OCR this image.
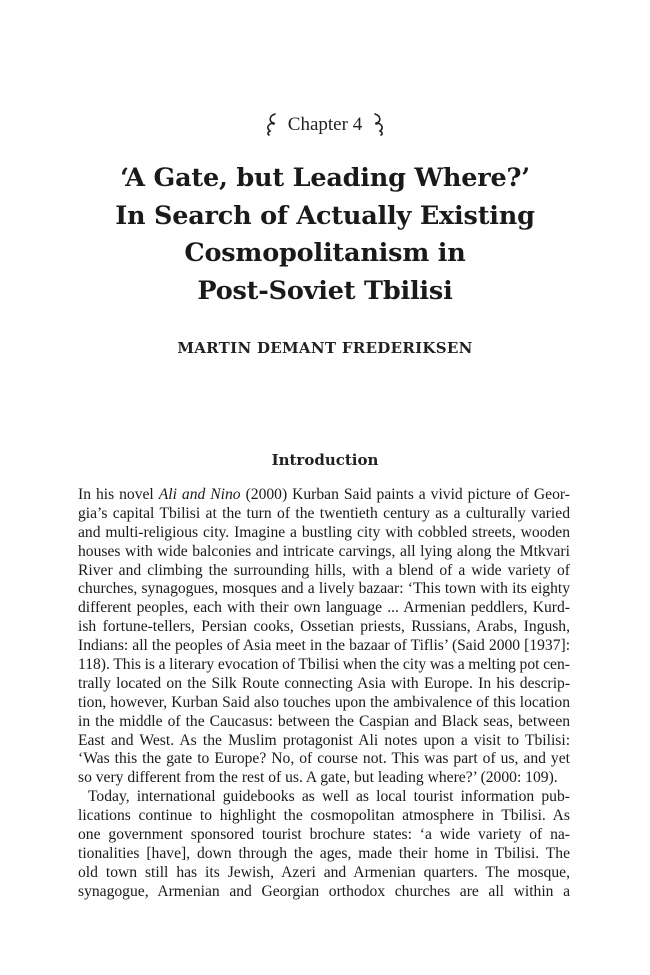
Chapter 4
‘A Gate, but Leading Where?’
In Search of Actually Existing
Cosmopolitanism in
Post-Soviet Tbilisi
MARTIN DEMANT FREDERIKSEN
Introduction
In his novel Ali and Nino (2000) Kurban Said paints a vivid picture of Geor-
gia’s capital Tbilisi at the turn of the twentieth century as a culturally varied
and multi-religious city. Imagine a bustling city with cobbled streets, wooden
houses with wide balconies and intricate carvings, all lying along the Mtkvari
River and climbing the surrounding hills, with a blend of a wide variety of
churches, synagogues, mosques and a lively bazaar: ‘This town with its eighty
different peoples, each with their own language ... Armenian peddlers, Kurd-
ish fortune-tellers, Persian cooks, Ossetian priests, Russians, Arabs, Ingush,
Indians: all the peoples of Asia meet in the bazaar of Tiflis’ (Said 2000 [1937]:
118). This is a literary evocation of Tbilisi when the city was a melting pot cen-
trally located on the Silk Route connecting Asia with Europe. In his descrip-
tion, however, Kurban Said also touches upon the ambivalence of this location
in the middle of the Caucasus: between the Caspian and Black seas, between
East and West. As the Muslim protagonist Ali notes upon a visit to Tbilisi:
‘Was this the gate to Europe? No, of course not. This was part of us, and yet
so very different from the rest of us. A gate, but leading where?’ (2000: 109).
Today, international guidebooks as well as local tourist information pub-
lications continue to highlight the cosmopolitan atmosphere in Tbilisi. As
one government sponsored tourist brochure states: ‘a wide variety of na-
tionalities [have], down through the ages, made their home in Tbilisi. The
old town still has its Jewish, Azeri and Armenian quarters. The mosque,
synagogue, Armenian and Georgian orthodox churches are all within a
